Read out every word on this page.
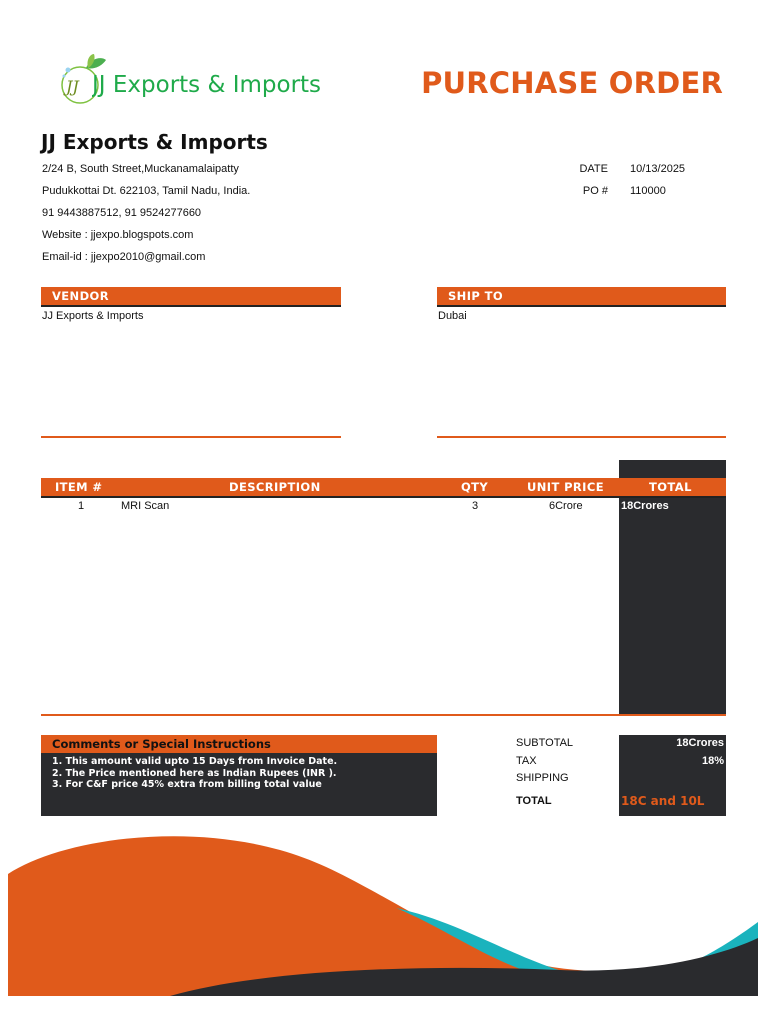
JJ JJ Exports & Imports	PURCHASE ORDER
JJ Exports & Imports
2/24 B, South Street,Muckanamalaipatty
Pudukkottai Dt. 622103, Tamil Nadu, India.
91 9443887512, 91 9524277660
Website : jjexpo.blogspots.com
Email-id : jjexpo2010@gmail.com
DATE 10/13/2025
PO # 110000
VENDOR
JJ Exports & Imports
SHIP TO
Dubai
ITEM #	DESCRIPTION	QTY	UNIT PRICE	TOTAL
1	MRI Scan	3	6Crore	18Crores
Comments or Special Instructions
1. This amount valid upto 15 Days from Invoice Date.
2. The Price mentioned here as Indian Rupees (INR ).
3. For C&F price 45% extra from billing total value
SUBTOTAL	18Crores
TAX	18%
SHIPPING
TOTAL	18C and 10L
